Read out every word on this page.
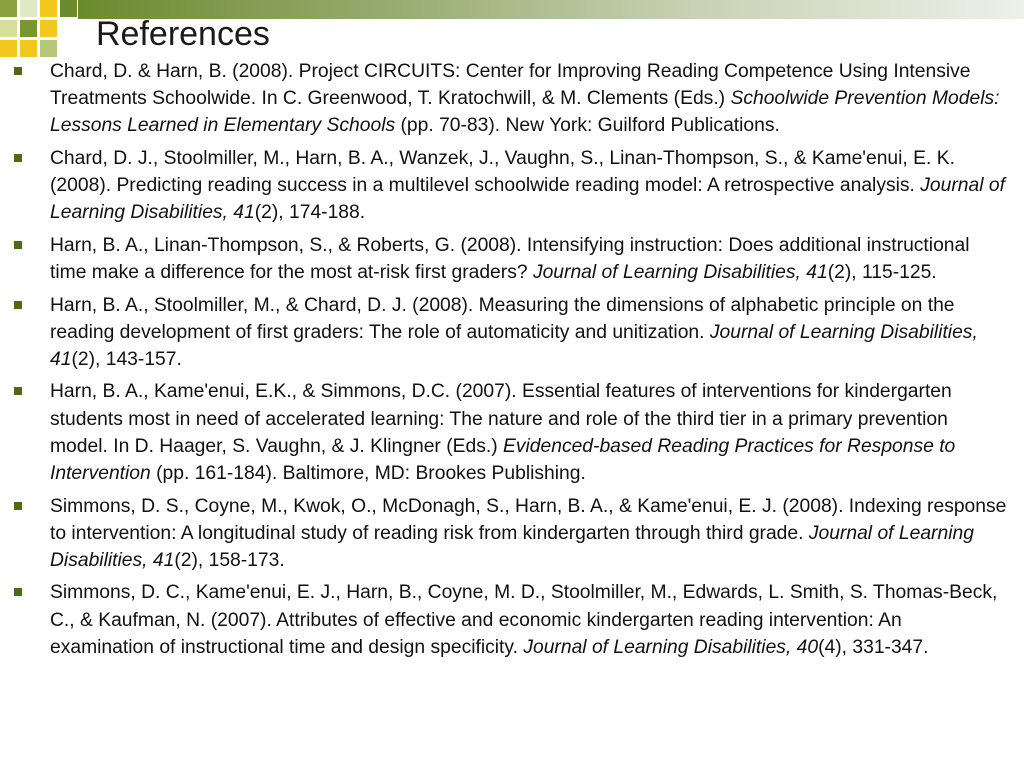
References
Chard, D. & Harn, B. (2008). Project CIRCUITS: Center for Improving Reading Competence Using Intensive Treatments Schoolwide. In C. Greenwood, T. Kratochwill, & M. Clements (Eds.) Schoolwide Prevention Models: Lessons Learned in Elementary Schools (pp. 70-83). New York: Guilford Publications.
Chard, D. J., Stoolmiller, M., Harn, B. A., Wanzek, J., Vaughn, S., Linan-Thompson, S., & Kame'enui, E. K. (2008). Predicting reading success in a multilevel schoolwide reading model: A retrospective analysis. Journal of Learning Disabilities, 41(2), 174-188.
Harn, B. A., Linan-Thompson, S., & Roberts, G. (2008). Intensifying instruction: Does additional instructional time make a difference for the most at-risk first graders? Journal of Learning Disabilities, 41(2), 115-125.
Harn, B. A., Stoolmiller, M., & Chard, D. J. (2008). Measuring the dimensions of alphabetic principle on the reading development of first graders: The role of automaticity and unitization. Journal of Learning Disabilities, 41(2), 143-157.
Harn, B. A., Kame'enui, E.K., & Simmons, D.C. (2007). Essential features of interventions for kindergarten students most in need of accelerated learning: The nature and role of the third tier in a primary prevention model. In D. Haager, S. Vaughn, & J. Klingner (Eds.) Evidenced-based Reading Practices for Response to Intervention (pp. 161-184). Baltimore, MD: Brookes Publishing.
Simmons, D. S., Coyne, M., Kwok, O., McDonagh, S., Harn, B. A., & Kame'enui, E. J. (2008). Indexing response to intervention: A longitudinal study of reading risk from kindergarten through third grade. Journal of Learning Disabilities, 41(2), 158-173.
Simmons, D. C., Kame'enui, E. J., Harn, B., Coyne, M. D., Stoolmiller, M., Edwards, L. Smith, S. Thomas-Beck, C., & Kaufman, N. (2007). Attributes of effective and economic kindergarten reading intervention: An examination of instructional time and design specificity. Journal of Learning Disabilities, 40(4), 331-347.
